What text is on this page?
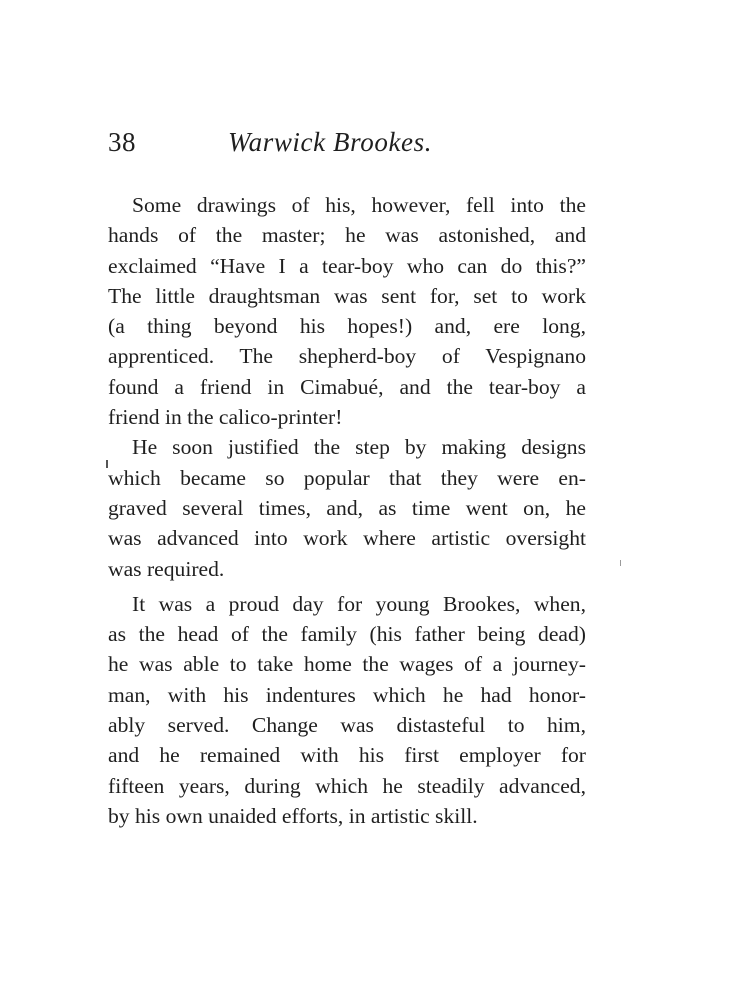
38	Warwick Brookes.
Some drawings of his, however, fell into the
hands of the master; he was astonished, and
exclaimed “Have I a tear-boy who can do this?”
The little draughtsman was sent for, set to work
(a thing beyond his hopes!) and, ere long,
apprenticed. The shepherd-boy of Vespignano
found a friend in Cimabué, and the tear-boy a
friend in the calico-printer!
He soon justified the step by making designs
which became so popular that they were en-
graved several times, and, as time went on, he
was advanced into work where artistic oversight
was required.
It was a proud day for young Brookes, when,
as the head of the family (his father being dead)
he was able to take home the wages of a journey-
man, with his indentures which he had honor-
ably served. Change was distasteful to him,
and he remained with his first employer for
fifteen years, during which he steadily advanced,
by his own unaided efforts, in artistic skill.
